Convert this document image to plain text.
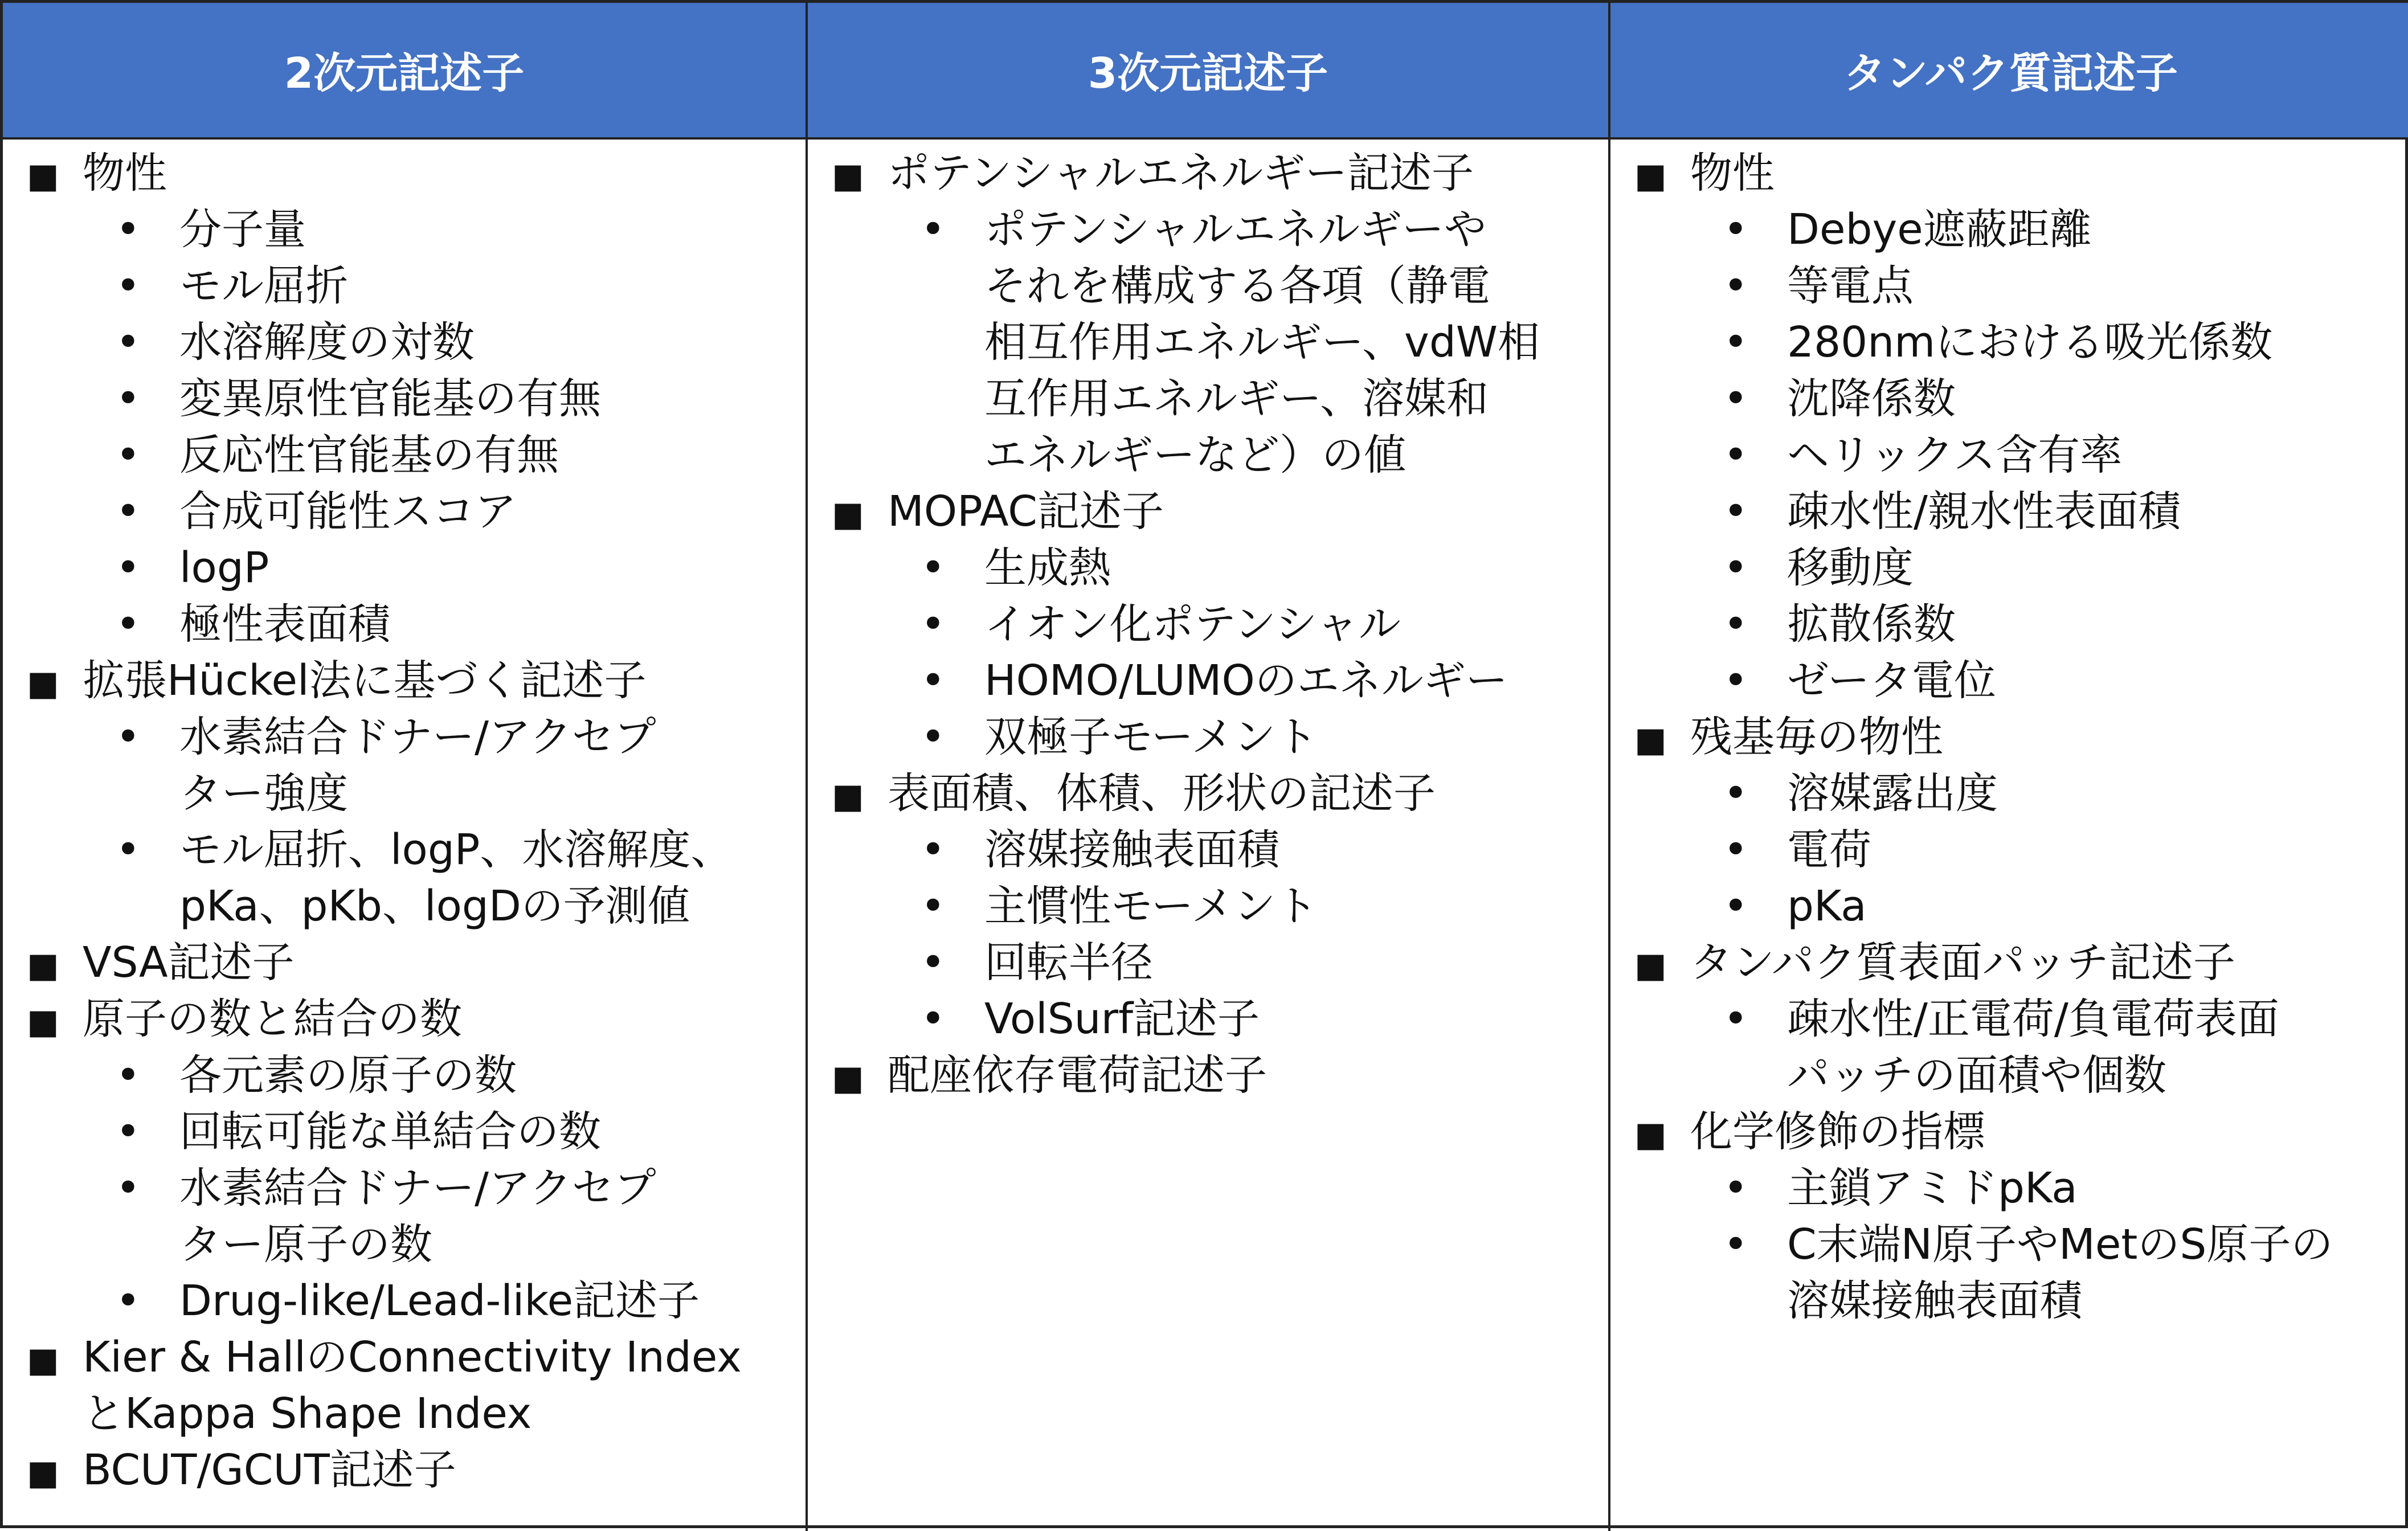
2次元記述子	3次元記述子	タンパク質記述子
■
物性
•
分子量
•
モル屈折
•
水溶解度の対数
•
変異原性官能基の有無
•
反応性官能基の有無
•
合成可能性スコア
•
logP
•
極性表面積
■
拡張Hückel法に基づく記述子
•
水素結合ドナー/アクセプ
ター強度
•
モル屈折、logP、水溶解度、
pKa、pKb、logDの予測値
■
VSA記述子
■
原子の数と結合の数
•
各元素の原子の数
•
回転可能な単結合の数
•
水素結合ドナー/アクセプ
ター原子の数
•
Drug-like/Lead-like記述子
■
Kier & HallのConnectivity Index
とKappa Shape Index
■
BCUT/GCUT記述子
■
ポテンシャルエネルギー記述子
•
ポテンシャルエネルギーや
それを構成する各項（静電
相互作用エネルギー、vdW相
互作用エネルギー、溶媒和
エネルギーなど）の値
■
MOPAC記述子
•
生成熱
•
イオン化ポテンシャル
•
HOMO/LUMOのエネルギー
•
双極子モーメント
■
表面積、体積、形状の記述子
•
溶媒接触表面積
•
主慣性モーメント
•
回転半径
•
VolSurf記述子
■
配座依存電荷記述子
■
物性
•
Debye遮蔽距離
•
等電点
•
280nmにおける吸光係数
•
沈降係数
•
ヘリックス含有率
•
疎水性/親水性表面積
•
移動度
•
拡散係数
•
ゼータ電位
■
残基毎の物性
•
溶媒露出度
•
電荷
•
pKa
■
タンパク質表面パッチ記述子
•
疎水性/正電荷/負電荷表面
パッチの面積や個数
■
化学修飾の指標
•
主鎖アミドpKa
•
C末端N原子やMetのS原子の
溶媒接触表面積
